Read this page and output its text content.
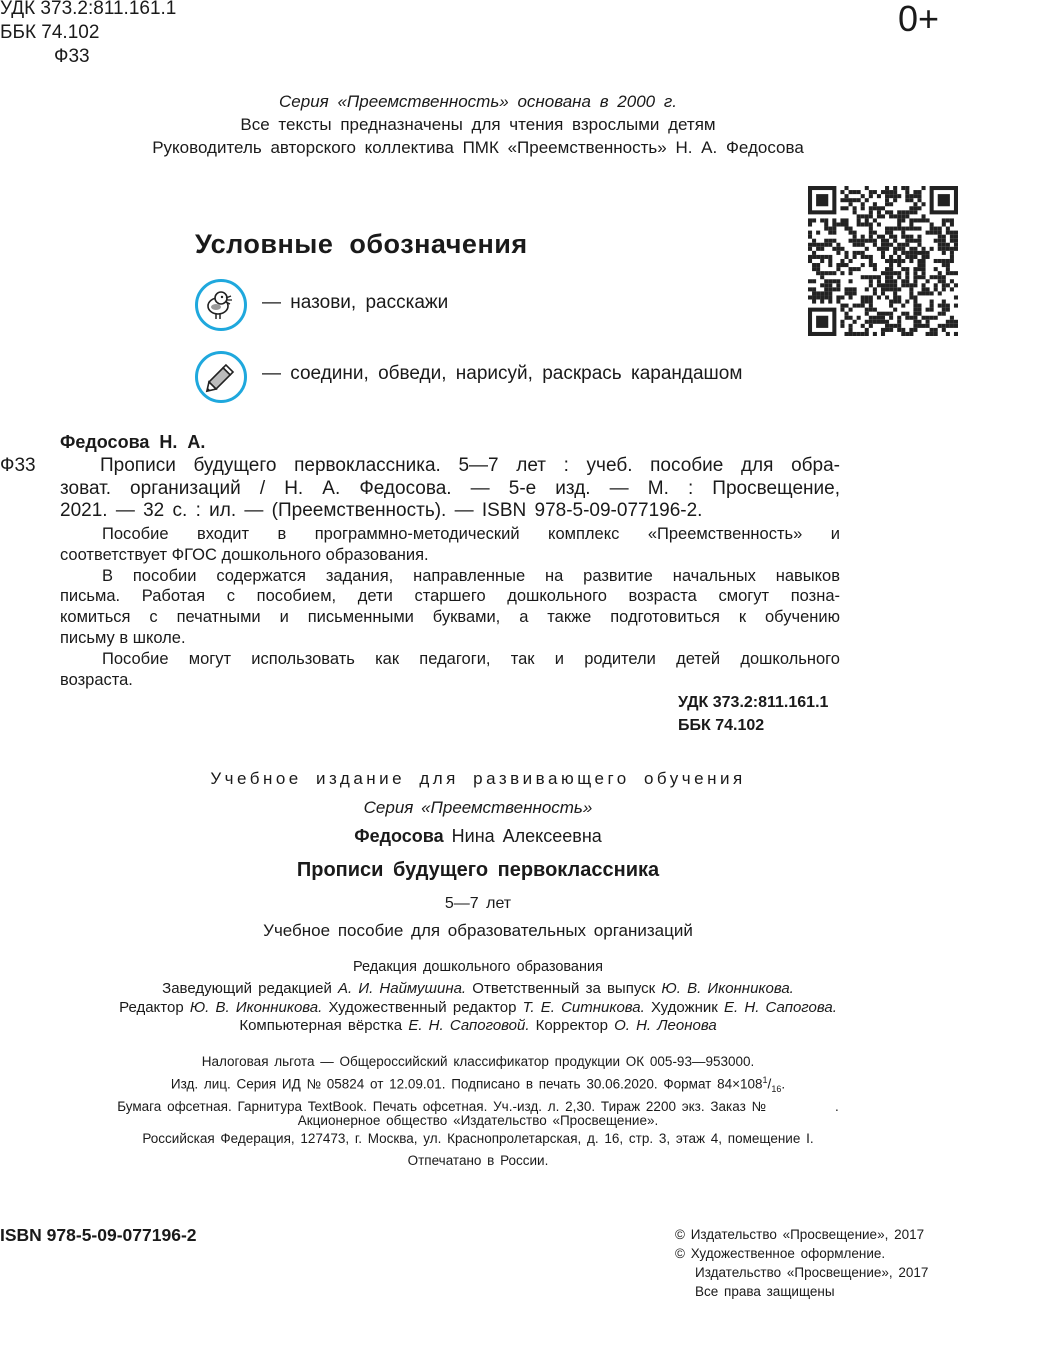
УДК 373.2:811.161.1
ББК 74.102
Ф33
0+
Серия «Преемственность» основана в 2000 г.
Все тексты предназначены для чтения взрослыми детям
Руководитель авторского коллектива ПМК «Преемственность» Н. А. Федосова
Условные обозначения
— назови, расскажи
— соедини, обведи, нарисуй, раскрась карандашом
Федосова Н. А.
Ф33	Прописи будущего первоклассника. 5—7 лет : учеб. пособие для обра-
зоват. организаций / Н. А. Федосова. — 5-е изд. — М. : Просвещение,
2021. — 32 с. : ил. — (Преемственность). — ISBN 978-5-09-077196-2.
Пособие входит в программно-методический комплекс «Преемственность» и
соответствует ФГОС дошкольного образования.
В пособии содержатся задания, направленные на развитие начальных навыков
письма. Работая с пособием, дети старшего дошкольного возраста смогут позна-
комиться с печатными и письменными буквами, а также подготовиться к обучению
письму в школе.
Пособие могут использовать как педагоги, так и родители детей дошкольного
возраста.
УДК 373.2:811.161.1
ББК 74.102
Учебное издание для развивающего обучения
Серия «Преемственность»
Федосова Нина Алексеевна
Прописи будущего первоклассника
5—7 лет
Учебное пособие для образовательных организаций
Редакция дошкольного образования
Заведующий редакцией А. И. Наймушина. Ответственный за выпуск Ю. В. Иконникова.
Редактор Ю. В. Иконникова. Художественный редактор Т. Е. Ситникова. Художник Е. Н. Сапогова.
Компьютерная вёрстка Е. Н. Сапоговой. Корректор О. Н. Леонова
Налоговая льгота — Общероссийский классификатор продукции ОК 005-93—953000.
Изд. лиц. Серия ИД № 05824 от 12.09.01. Подписано в печать 30.06.2020. Формат $84\times 108^1/_{16}$.
Бумага офсетная. Гарнитура TextBook. Печать офсетная. Уч.-изд. л. 2,30. Тираж 2200 экз. Заказ №            .
Акционерное общество «Издательство «Просвещение».
Российская Федерация, 127473, г. Москва, ул. Краснопролетарская, д. 16, стр. 3, этаж 4, помещение I.
Отпечатано в России.
ISBN 978-5-09-077196-2	© Издательство «Просвещение», 2017
© Художественное оформление.
Издательство «Просвещение», 2017
Все права защищены
